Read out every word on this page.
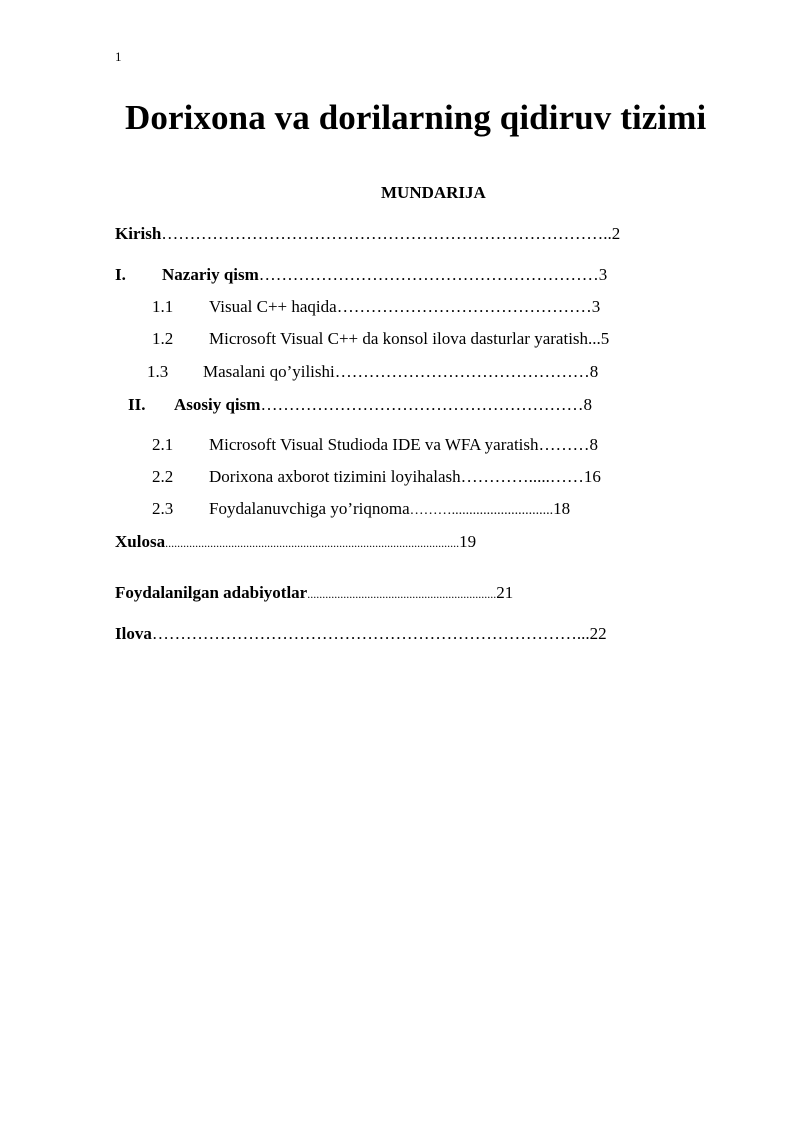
1
Dorixona va dorilarning qidiruv tizimi
MUNDARIJA
Kirish……………………………………………………………………..2
I. Nazariy qism……………………………………………………3
1.1 Visual C++ haqida………………………………………3
1.2 Microsoft Visual C++ da konsol ilova dasturlar yaratish...5
1.3 Masalani qo’yilishi………………………………………8
II. Asosiy qism…………………………………………………8
2.1 Microsoft Visual Studioda IDE va WFA yaratish………8
2.2 Dorixona axborot tizimini loyihalash………….....……16
2.3 Foydalanuvchiga yo’riqnoma……….............................18
Xulosa..................................................................................................19
Foydalanilgan adabiyotlar...............................................................21
Ilova…………………………………………………………………...22
